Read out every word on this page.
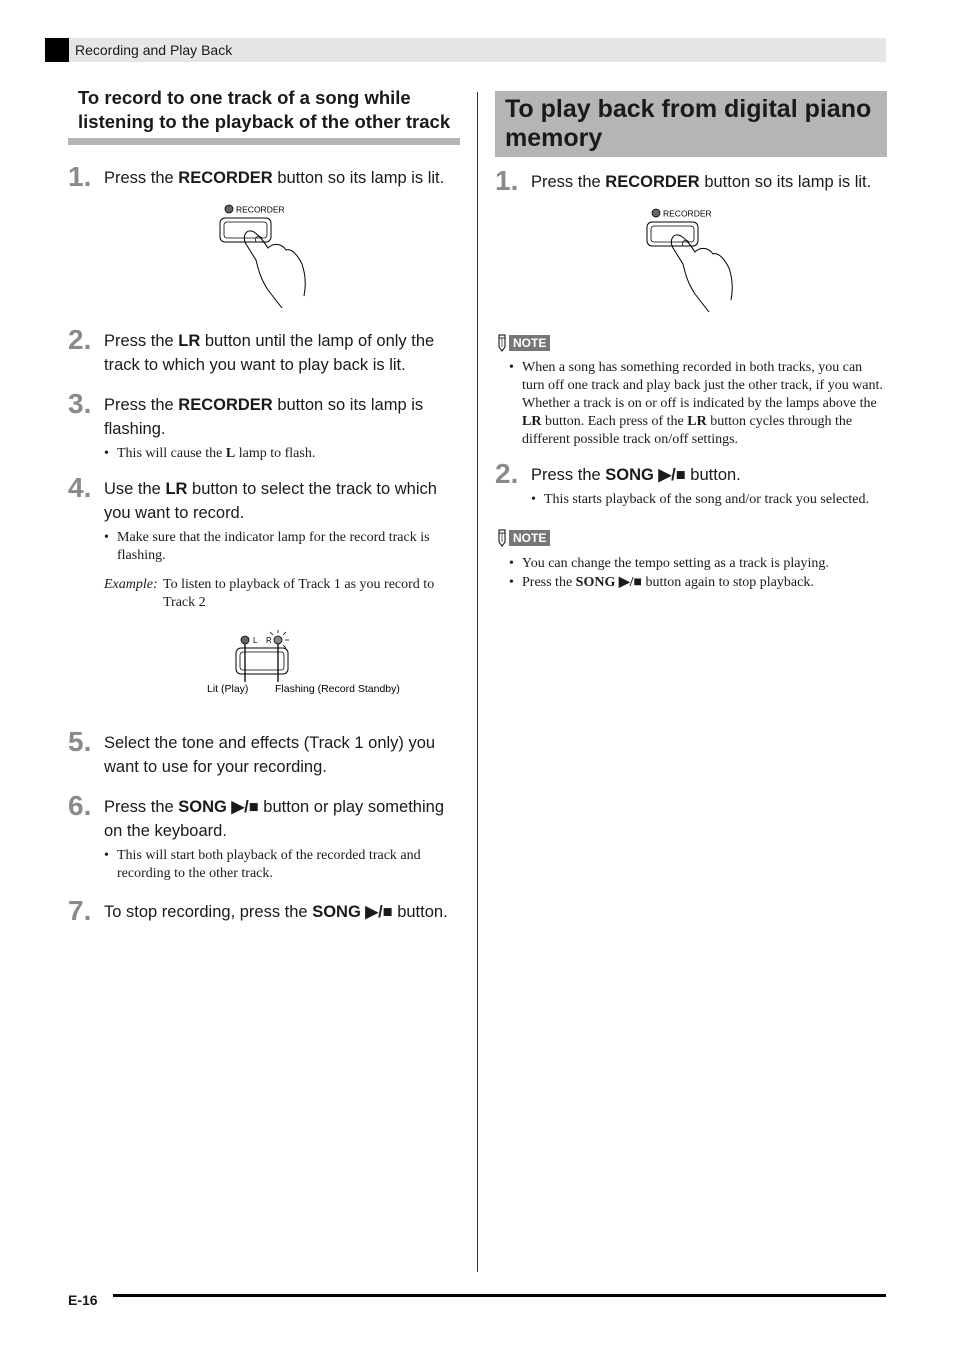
Recording and Play Back
To record to one track of a song while listening to the playback of the other track
1. Press the RECORDER button so its lamp is lit.
RECORDER
2. Press the LR button until the lamp of only the track to which you want to play back is lit.
3. Press the RECORDER button so its lamp is flashing.
• This will cause the L lamp to flash.
4. Use the LR button to select the track to which you want to record.
• Make sure that the indicator lamp for the record track is flashing.
Example: To listen to playback of Track 1 as you record to Track 2
L R
Lit (Play)	Flashing (Record Standby)
5. Select the tone and effects (Track 1 only) you want to use for your recording.
6. Press the SONG ▶/■ button or play something on the keyboard.
• This will start both playback of the recorded track and recording to the other track.
7. To stop recording, press the SONG ▶/■ button.
To play back from digital piano memory
1. Press the RECORDER button so its lamp is lit.
RECORDER
NOTE
• When a song has something recorded in both tracks, you can turn off one track and play back just the other track, if you want. Whether a track is on or off is indicated by the lamps above the LR button. Each press of the LR button cycles through the different possible track on/off settings.
2. Press the SONG ▶/■ button.
• This starts playback of the song and/or track you selected.
NOTE
• You can change the tempo setting as a track is playing.
• Press the SONG ▶/■ button again to stop playback.
E-16
